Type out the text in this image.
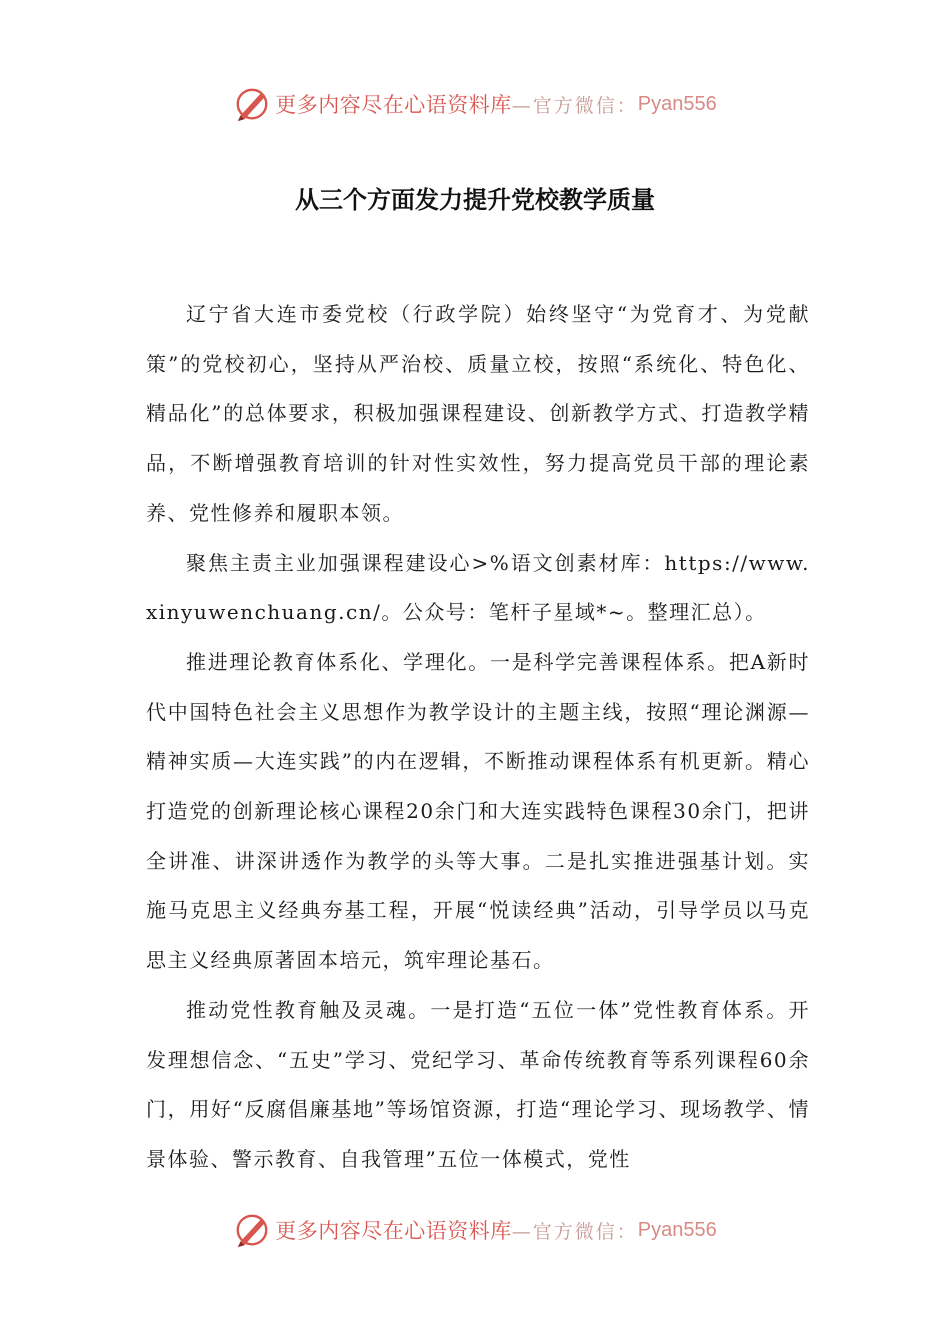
更多内容尽在心语资料库 —官方微信： Pyan556
从三个方面发力提升党校教学质量

辽宁省大连市委党校（行政学院）始终坚守“为党育才、为党献策”的党校初心，坚持从严治校、质量立校，按照“系统化、特色化、精品化”的总体要求，积极加强课程建设、创新教学方式、打造教学精品，不断增强教育培训的针对性实效性，努力提高党员干部的理论素养、党性修养和履职本领。

聚焦主责主业加强课程建设心>%语文创素材库：https://www.xinyuwenchuang.cn/。公众号：笔杆子星域*~。整理汇总）。

推进理论教育体系化、学理化。一是科学完善课程体系。把A新时代中国特色社会主义思想作为教学设计的主题主线，按照“理论渊源—精神实质—大连实践”的内在逻辑，不断推动课程体系有机更新。精心打造党的创新理论核心课程20余门和大连实践特色课程30余门，把讲全讲准、讲深讲透作为教学的头等大事。二是扎实推进强基计划。实施马克思主义经典夯基工程，开展“悦读经典”活动，引导学员以马克思主义经典原著固本培元，筑牢理论基石。

推动党性教育触及灵魂。一是打造“五位一体”党性教育体系。开发理想信念、“五史”学习、党纪学习、革命传统教育等系列课程60余门，用好“反腐倡廉基地”等场馆资源，打造“理论学习、现场教学、情景体验、警示教育、自我管理”五位一体模式，党性

更多内容尽在心语资料库 —官方微信： Pyan556
